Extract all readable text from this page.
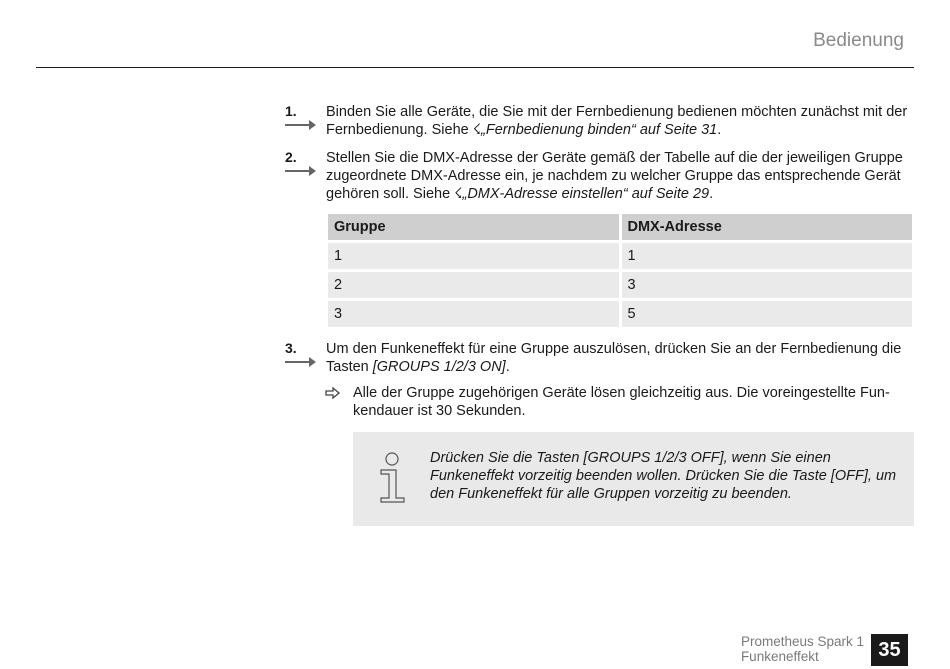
Bedienung
1.	Binden Sie alle Geräte, die Sie mit der Fernbedienung bedienen möchten zunächst mit der Fernbedienung. Siehe ☇„Fernbedienung binden“ auf Seite 31.
2.	Stellen Sie die DMX-Adresse der Geräte gemäß der Tabelle auf die der jeweiligen Gruppe zugeordnete DMX-Adresse ein, je nachdem zu welcher Gruppe das entsprechende Gerät gehören soll. Siehe ☇„DMX-Adresse einstellen“ auf Seite 29.
Gruppe	DMX-Adresse
1	1
2	3
3	5
3.	Um den Funkeneffekt für eine Gruppe auszulösen, drücken Sie an der Fernbedienung die Tasten [GROUPS 1/2/3 ON].
Alle der Gruppe zugehörigen Geräte lösen gleichzeitig aus. Die voreingestellte Funkendauer ist 30 Sekunden.
Drücken Sie die Tasten [GROUPS 1/2/3 OFF], wenn Sie einen Funkeneffekt vorzeitig beenden wollen. Drücken Sie die Taste [OFF], um den Funkeneffekt für alle Gruppen vorzeitig zu beenden.
Prometheus Spark 1
Funkeneffekt	35
